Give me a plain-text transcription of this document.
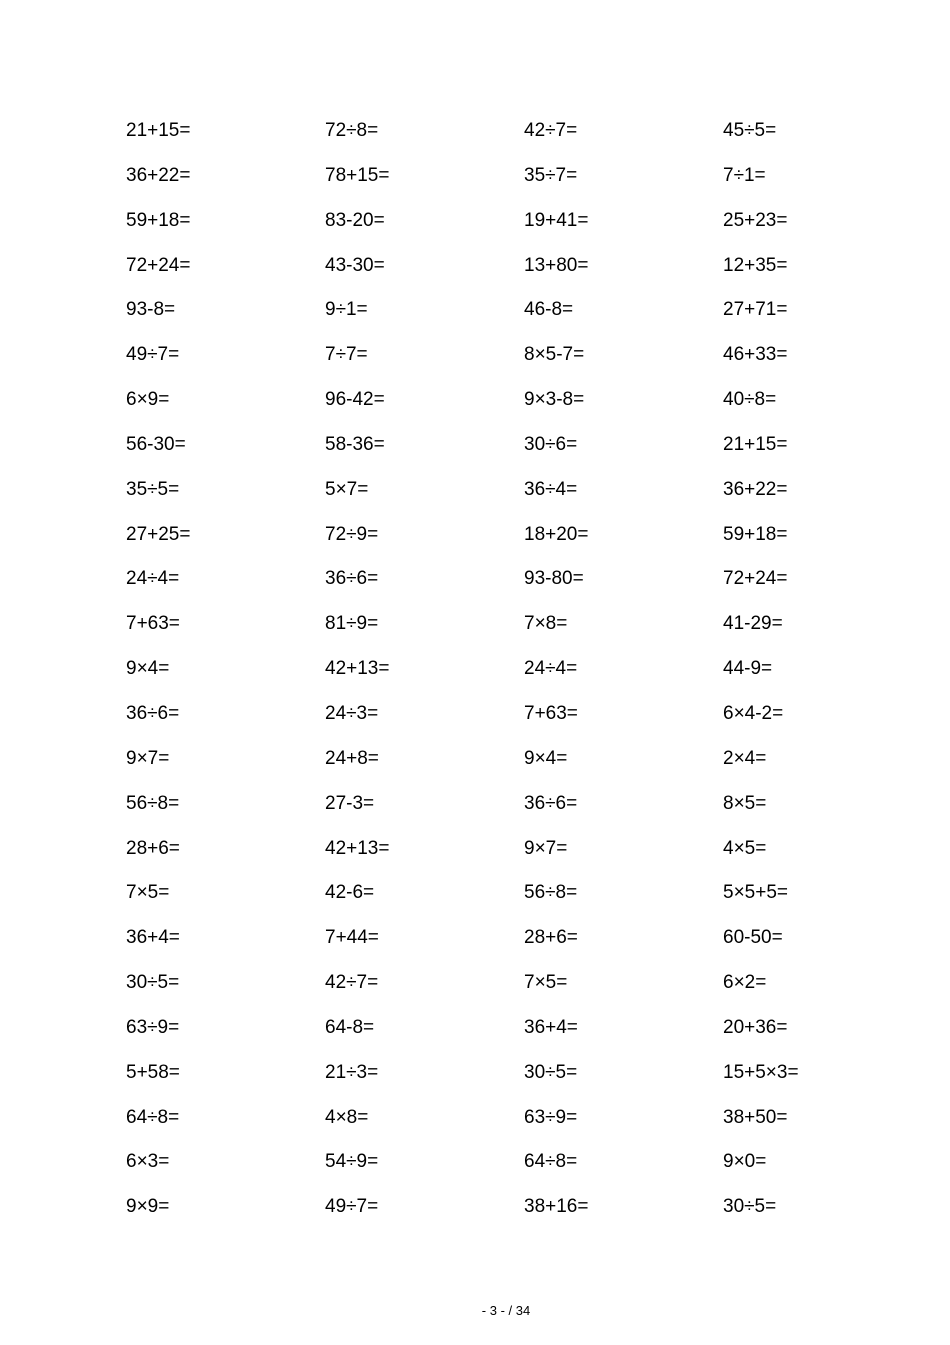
21+15=	72÷8=	42÷7=	45÷5=
36+22=	78+15=	35÷7=	7÷1=
59+18=	83-20=	19+41=	25+23=
72+24=	43-30=	13+80=	12+35=
93-8=	9÷1=	46-8=	27+71=
49÷7=	7÷7=	8×5-7=	46+33=
6×9=	96-42=	9×3-8=	40÷8=
56-30=	58-36=	30÷6=	21+15=
35÷5=	5×7=	36÷4=	36+22=
27+25=	72÷9=	18+20=	59+18=
24÷4=	36÷6=	93-80=	72+24=
7+63=	81÷9=	7×8=	41-29=
9×4=	42+13=	24÷4=	44-9=
36÷6=	24÷3=	7+63=	6×4-2=
9×7=	24+8=	9×4=	2×4=
56÷8=	27-3=	36÷6=	8×5=
28+6=	42+13=	9×7=	4×5=
7×5=	42-6=	56÷8=	5×5+5=
36+4=	7+44=	28+6=	60-50=
30÷5=	42÷7=	7×5=	6×2=
63÷9=	64-8=	36+4=	20+36=
5+58=	21÷3=	30÷5=	15+5×3=
64÷8=	4×8=	63÷9=	38+50=
6×3=	54÷9=	64÷8=	9×0=
9×9=	49÷7=	38+16=	30÷5=
- 3 - / 34
